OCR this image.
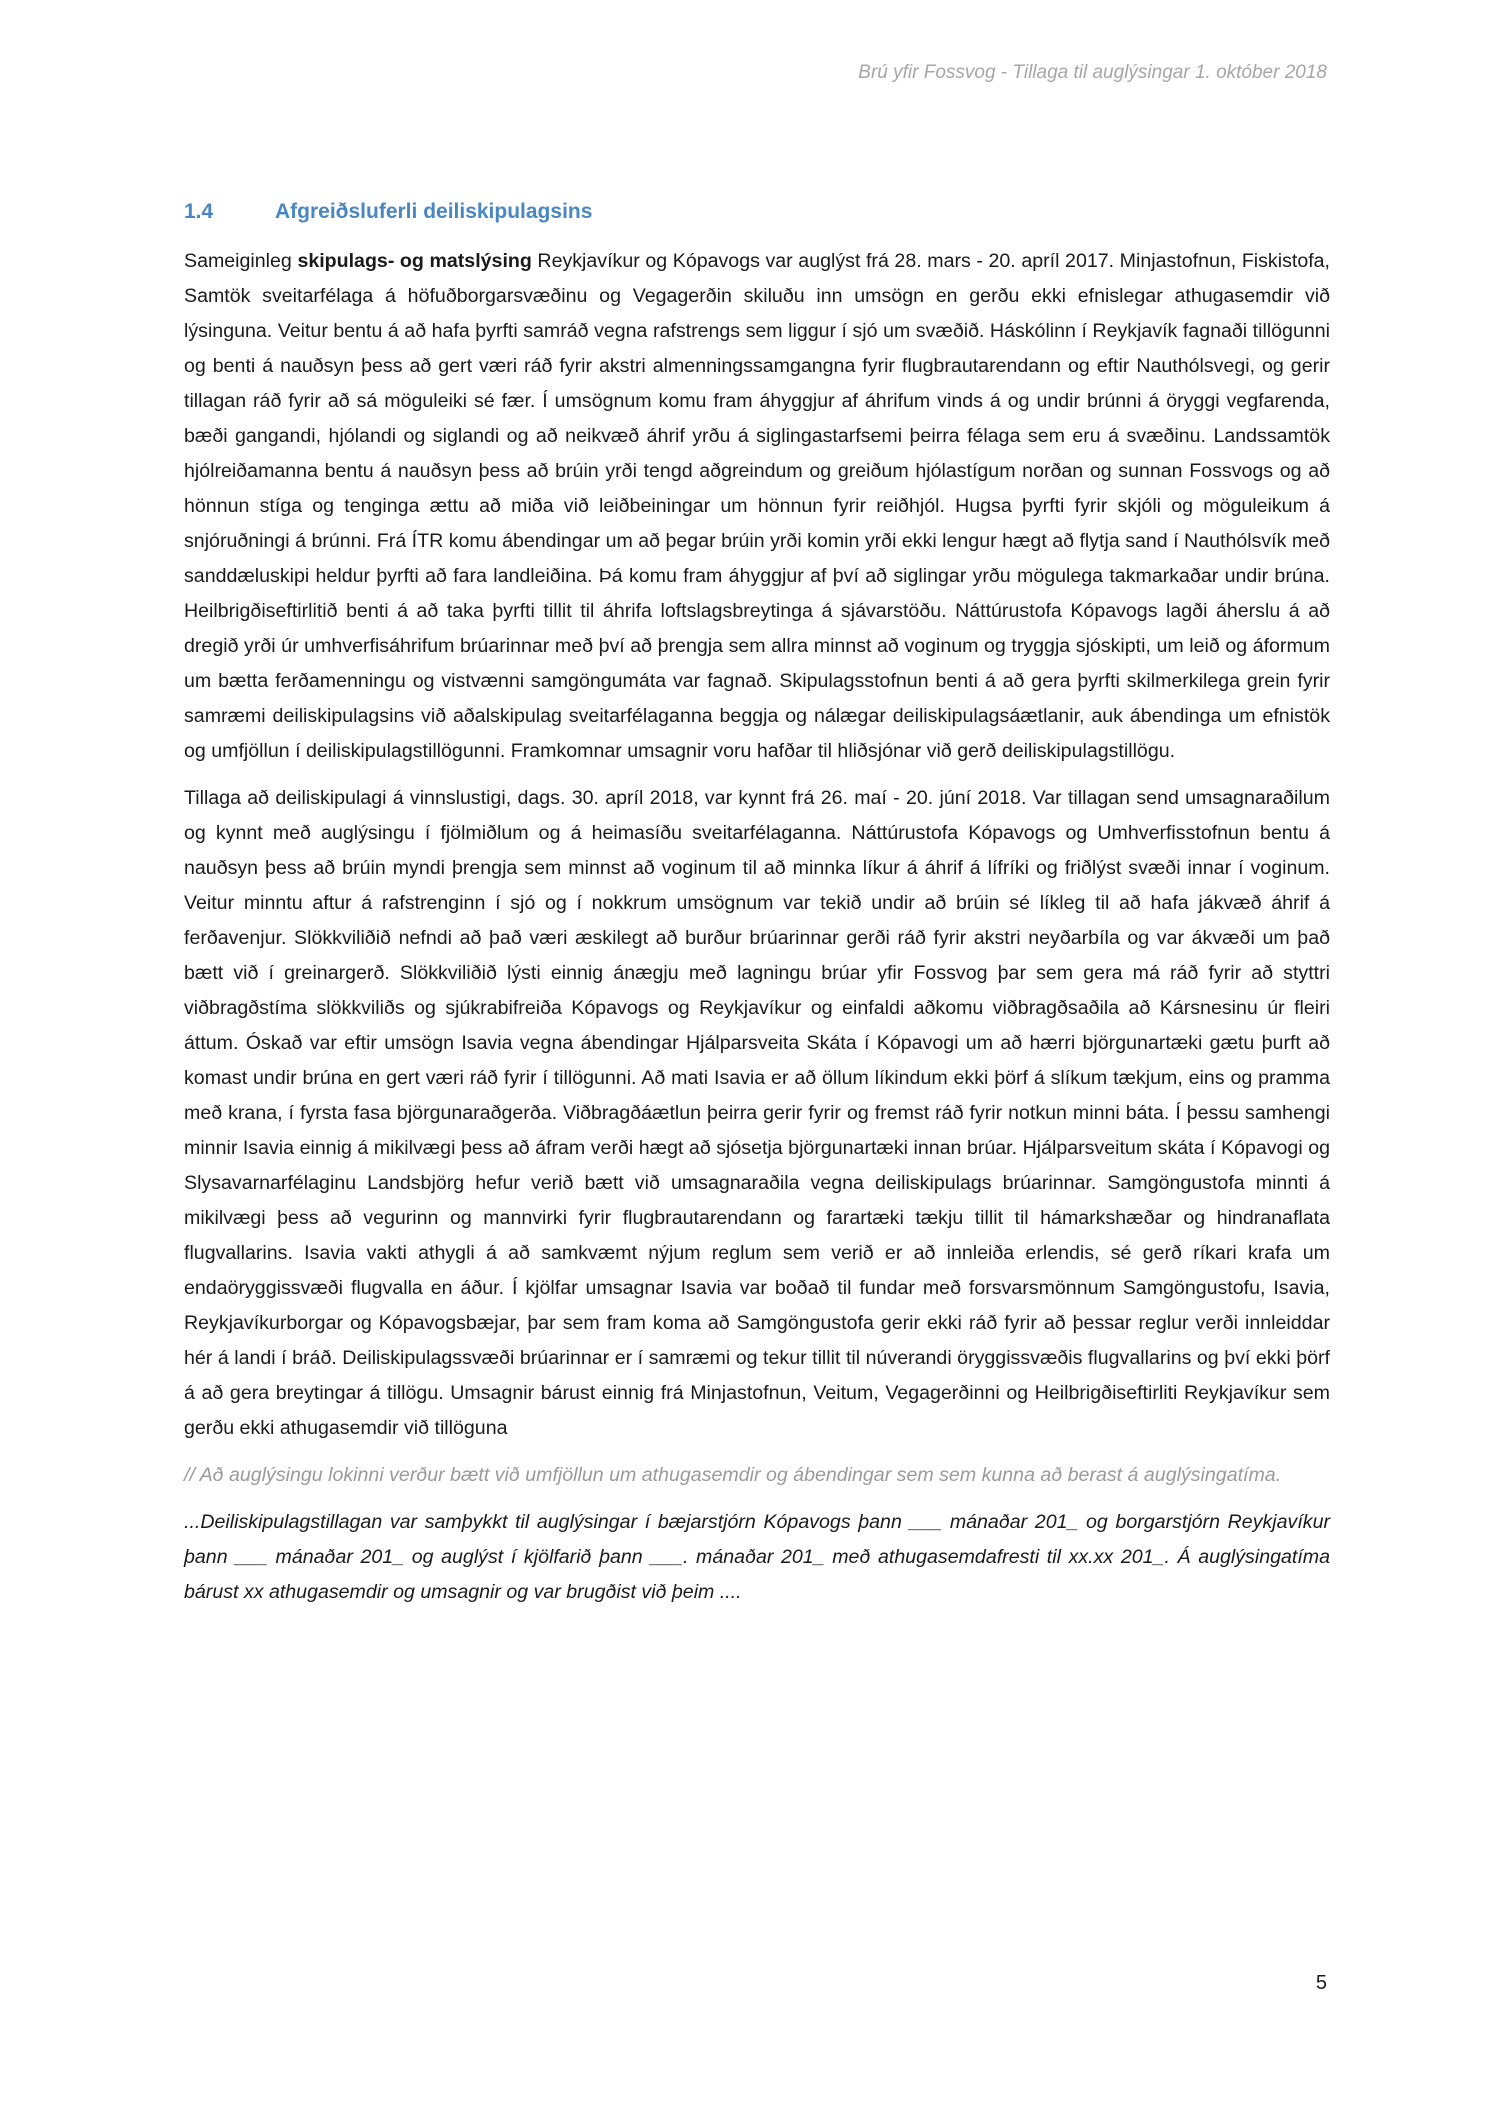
Brú yfir Fossvog - Tillaga til auglýsingar 1. október 2018
1.4	Afgreiðsluferli deiliskipulagsins

Sameiginleg skipulags- og matslýsing Reykjavíkur og Kópavogs var auglýst frá 28. mars - 20. apríl 2017. Minjastofnun, Fiskistofa, Samtök sveitarfélaga á höfuðborgarsvæðinu og Vegagerðin skiluðu inn umsögn en gerðu ekki efnislegar athugasemdir við lýsinguna. Veitur bentu á að hafa þyrfti samráð vegna rafstrengs sem liggur í sjó um svæðið. Háskólinn í Reykjavík fagnaði tillögunni og benti á nauðsyn þess að gert væri ráð fyrir akstri almenningssamgangna fyrir flugbrautarendann og eftir Nauthólsvegi, og gerir tillagan ráð fyrir að sá möguleiki sé fær. Í umsögnum komu fram áhyggjur af áhrifum vinds á og undir brúnni á öryggi vegfarenda, bæði gangandi, hjólandi og siglandi og að neikvæð áhrif yrðu á siglingastarfsemi þeirra félaga sem eru á svæðinu. Landssamtök hjólreiðamanna bentu á nauðsyn þess að brúin yrði tengd aðgreindum og greiðum hjólastígum norðan og sunnan Fossvogs og að hönnun stíga og tenginga ættu að miða við leiðbeiningar um hönnun fyrir reiðhjól. Hugsa þyrfti fyrir skjóli og möguleikum á snjóruðningi á brúnni. Frá ÍTR komu ábendingar um að þegar brúin yrði komin yrði ekki lengur hægt að flytja sand í Nauthólsvík með sanddæluskipi heldur þyrfti að fara landleiðina. Þá komu fram áhyggjur af því að siglingar yrðu mögulega takmarkaðar undir brúna. Heilbrigðiseftirlitið benti á að taka þyrfti tillit til áhrifa loftslagsbreytinga á sjávarstöðu. Náttúrustofa Kópavogs lagði áherslu á að dregið yrði úr umhverfisáhrifum brúarinnar með því að þrengja sem allra minnst að voginum og tryggja sjóskipti, um leið og áformum um bætta ferðamenningu og vistvænni samgöngumáta var fagnað. Skipulagsstofnun benti á að gera þyrfti skilmerkilega grein fyrir samræmi deiliskipulagsins við aðalskipulag sveitarfélaganna beggja og nálægar deiliskipulagsáætlanir, auk ábendinga um efnistök og umfjöllun í deiliskipulagstillögunni. Framkomnar umsagnir voru hafðar til hliðsjónar við gerð deiliskipulagstillögu.

Tillaga að deiliskipulagi á vinnslustigi, dags. 30. apríl 2018, var kynnt frá 26. maí - 20. júní 2018. Var tillagan send umsagnaraðilum og kynnt með auglýsingu í fjölmiðlum og á heimasíðu sveitarfélaganna. Náttúrustofa Kópavogs og Umhverfisstofnun bentu á nauðsyn þess að brúin myndi þrengja sem minnst að voginum til að minnka líkur á áhrif á lífríki og friðlýst svæði innar í voginum. Veitur minntu aftur á rafstrenginn í sjó og í nokkrum umsögnum var tekið undir að brúin sé líkleg til að hafa jákvæð áhrif á ferðavenjur. Slökkviliðið nefndi að það væri æskilegt að burður brúarinnar gerði ráð fyrir akstri neyðarbíla og var ákvæði um það bætt við í greinargerð. Slökkviliðið lýsti einnig ánægju með lagningu brúar yfir Fossvog þar sem gera má ráð fyrir að styttri viðbragðstíma slökkviliðs og sjúkrabifreiða Kópavogs og Reykjavíkur og einfaldi aðkomu viðbragðsaðila að Kársnesinu úr fleiri áttum. Óskað var eftir umsögn Isavia vegna ábendingar Hjálparsveita Skáta í Kópavogi um að hærri björgunartæki gætu þurft að komast undir brúna en gert væri ráð fyrir í tillögunni. Að mati Isavia er að öllum líkindum ekki þörf á slíkum tækjum, eins og pramma með krana, í fyrsta fasa björgunaraðgerða. Viðbragðáætlun þeirra gerir fyrir og fremst ráð fyrir notkun minni báta. Í þessu samhengi minnir Isavia einnig á mikilvægi þess að áfram verði hægt að sjósetja björgunartæki innan brúar. Hjálparsveitum skáta í Kópavogi og Slysavarnarfélaginu Landsbjörg hefur verið bætt við umsagnaraðila vegna deiliskipulags brúarinnar. Samgöngustofa minnti á mikilvægi þess að vegurinn og mannvirki fyrir flugbrautarendann og farartæki tækju tillit til hámarkshæðar og hindranaflata flugvallarins. Isavia vakti athygli á að samkvæmt nýjum reglum sem verið er að innleiða erlendis, sé gerð ríkari krafa um endaöryggissvæði flugvalla en áður. Í kjölfar umsagnar Isavia var boðað til fundar með forsvarsmönnum Samgöngustofu, Isavia, Reykjavíkurborgar og Kópavogsbæjar, þar sem fram koma að Samgöngustofa gerir ekki ráð fyrir að þessar reglur verði innleiddar hér á landi í bráð. Deiliskipulagssvæði brúarinnar er í samræmi og tekur tillit til núverandi öryggissvæðis flugvallarins og því ekki þörf á að gera breytingar á tillögu. Umsagnir bárust einnig frá Minjastofnun, Veitum, Vegagerðinni og Heilbrigðiseftirliti Reykjavíkur sem gerðu ekki athugasemdir við tillöguna

// Að auglýsingu lokinni verður bætt við umfjöllun um athugasemdir og ábendingar sem sem kunna að berast á auglýsingatíma.

...Deiliskipulagstillagan var samþykkt til auglýsingar í bæjarstjórn Kópavogs þann ___ mánaðar 201_ og borgarstjórn Reykjavíkur þann ___ mánaðar 201_ og auglýst í kjölfarið þann ___. mánaðar 201_ með athugasemdafresti til xx.xx 201_. Á auglýsingatíma bárust xx athugasemdir og umsagnir og var brugðist við þeim ....

5
